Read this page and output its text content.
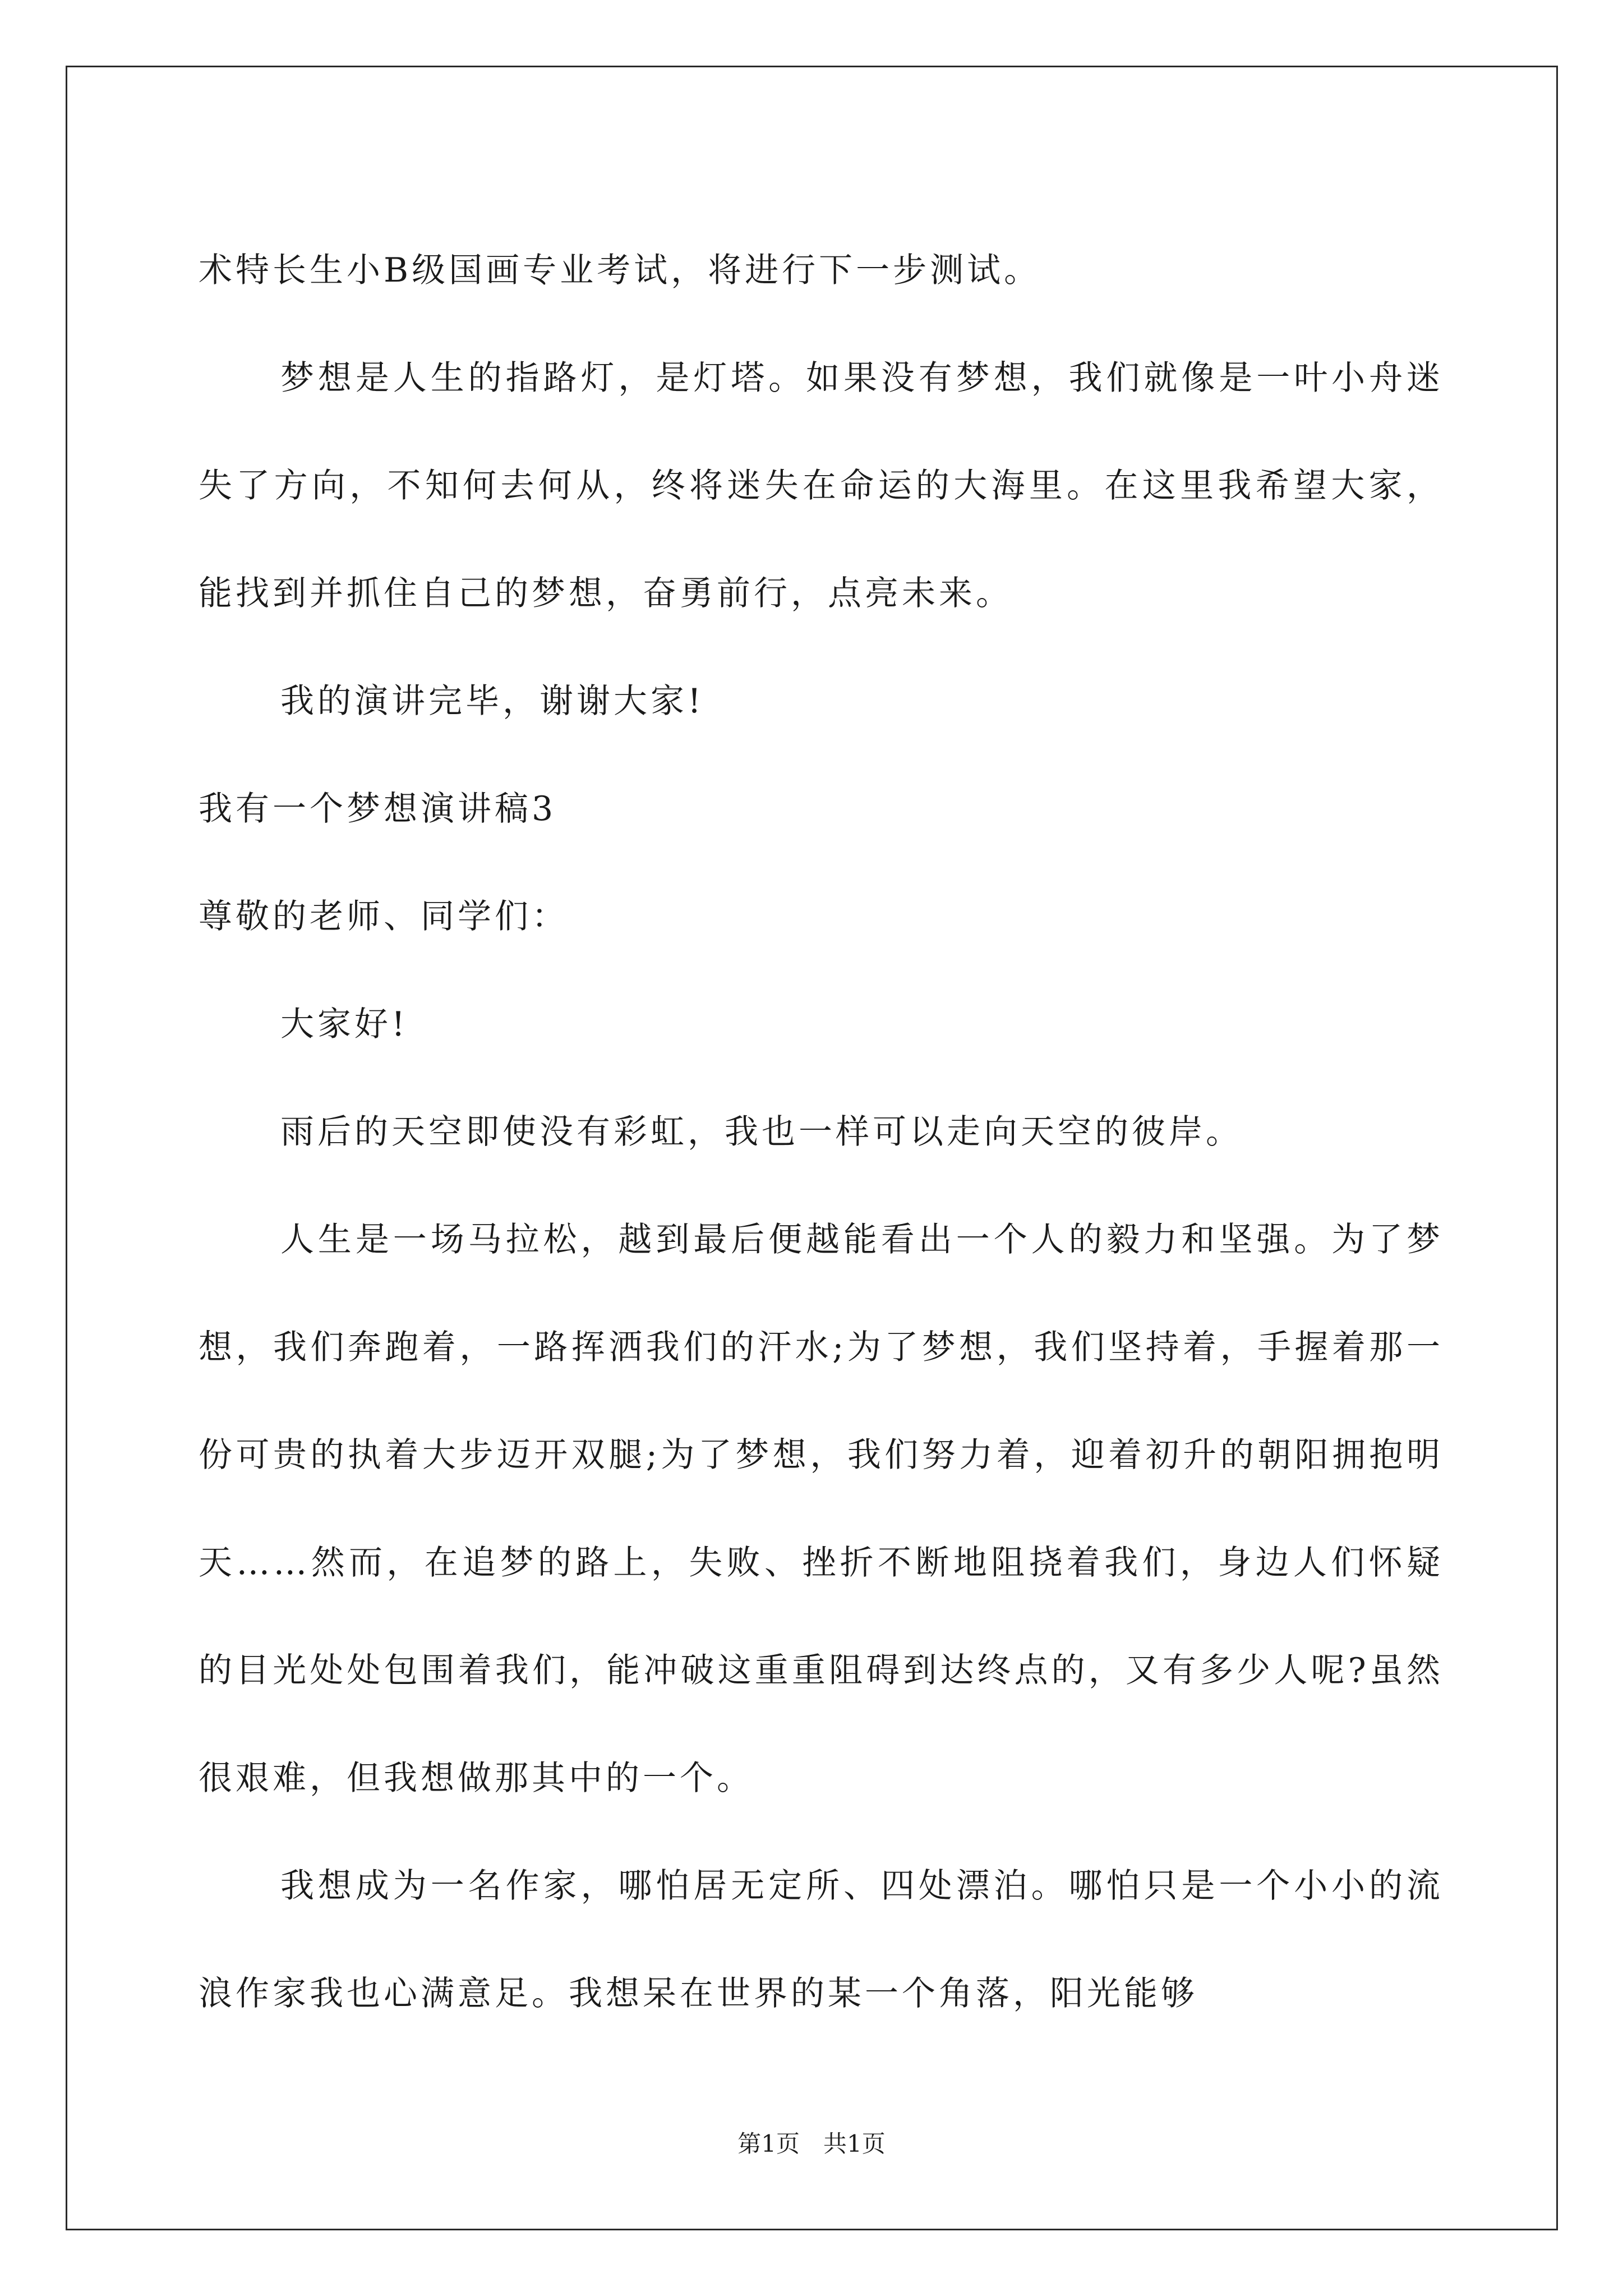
术特长生小B级国画专业考试，将进行下一步测试。
梦想是人生的指路灯，是灯塔。如果没有梦想，我们就像是一叶小舟迷失了方向，不知何去何从，终将迷失在命运的大海里。在这里我希望大家，能找到并抓住自己的梦想，奋勇前行，点亮未来。
我的演讲完毕，谢谢大家!
我有一个梦想演讲稿3
尊敬的老师、同学们：
大家好!
雨后的天空即使没有彩虹，我也一样可以走向天空的彼岸。
人生是一场马拉松，越到最后便越能看出一个人的毅力和坚强。为了梦想，我们奔跑着，一路挥洒我们的汗水;为了梦想，我们坚持着，手握着那一份可贵的执着大步迈开双腿;为了梦想，我们努力着，迎着初升的朝阳拥抱明天……然而，在追梦的路上，失败、挫折不断地阻挠着我们，身边人们怀疑的目光处处包围着我们，能冲破这重重阻碍到达终点的，又有多少人呢?虽然很艰难，但我想做那其中的一个。
我想成为一名作家，哪怕居无定所、四处漂泊。哪怕只是一个小小的流浪作家我也心满意足。我想呆在世界的某一个角落，阳光能够
第1页　共1页
